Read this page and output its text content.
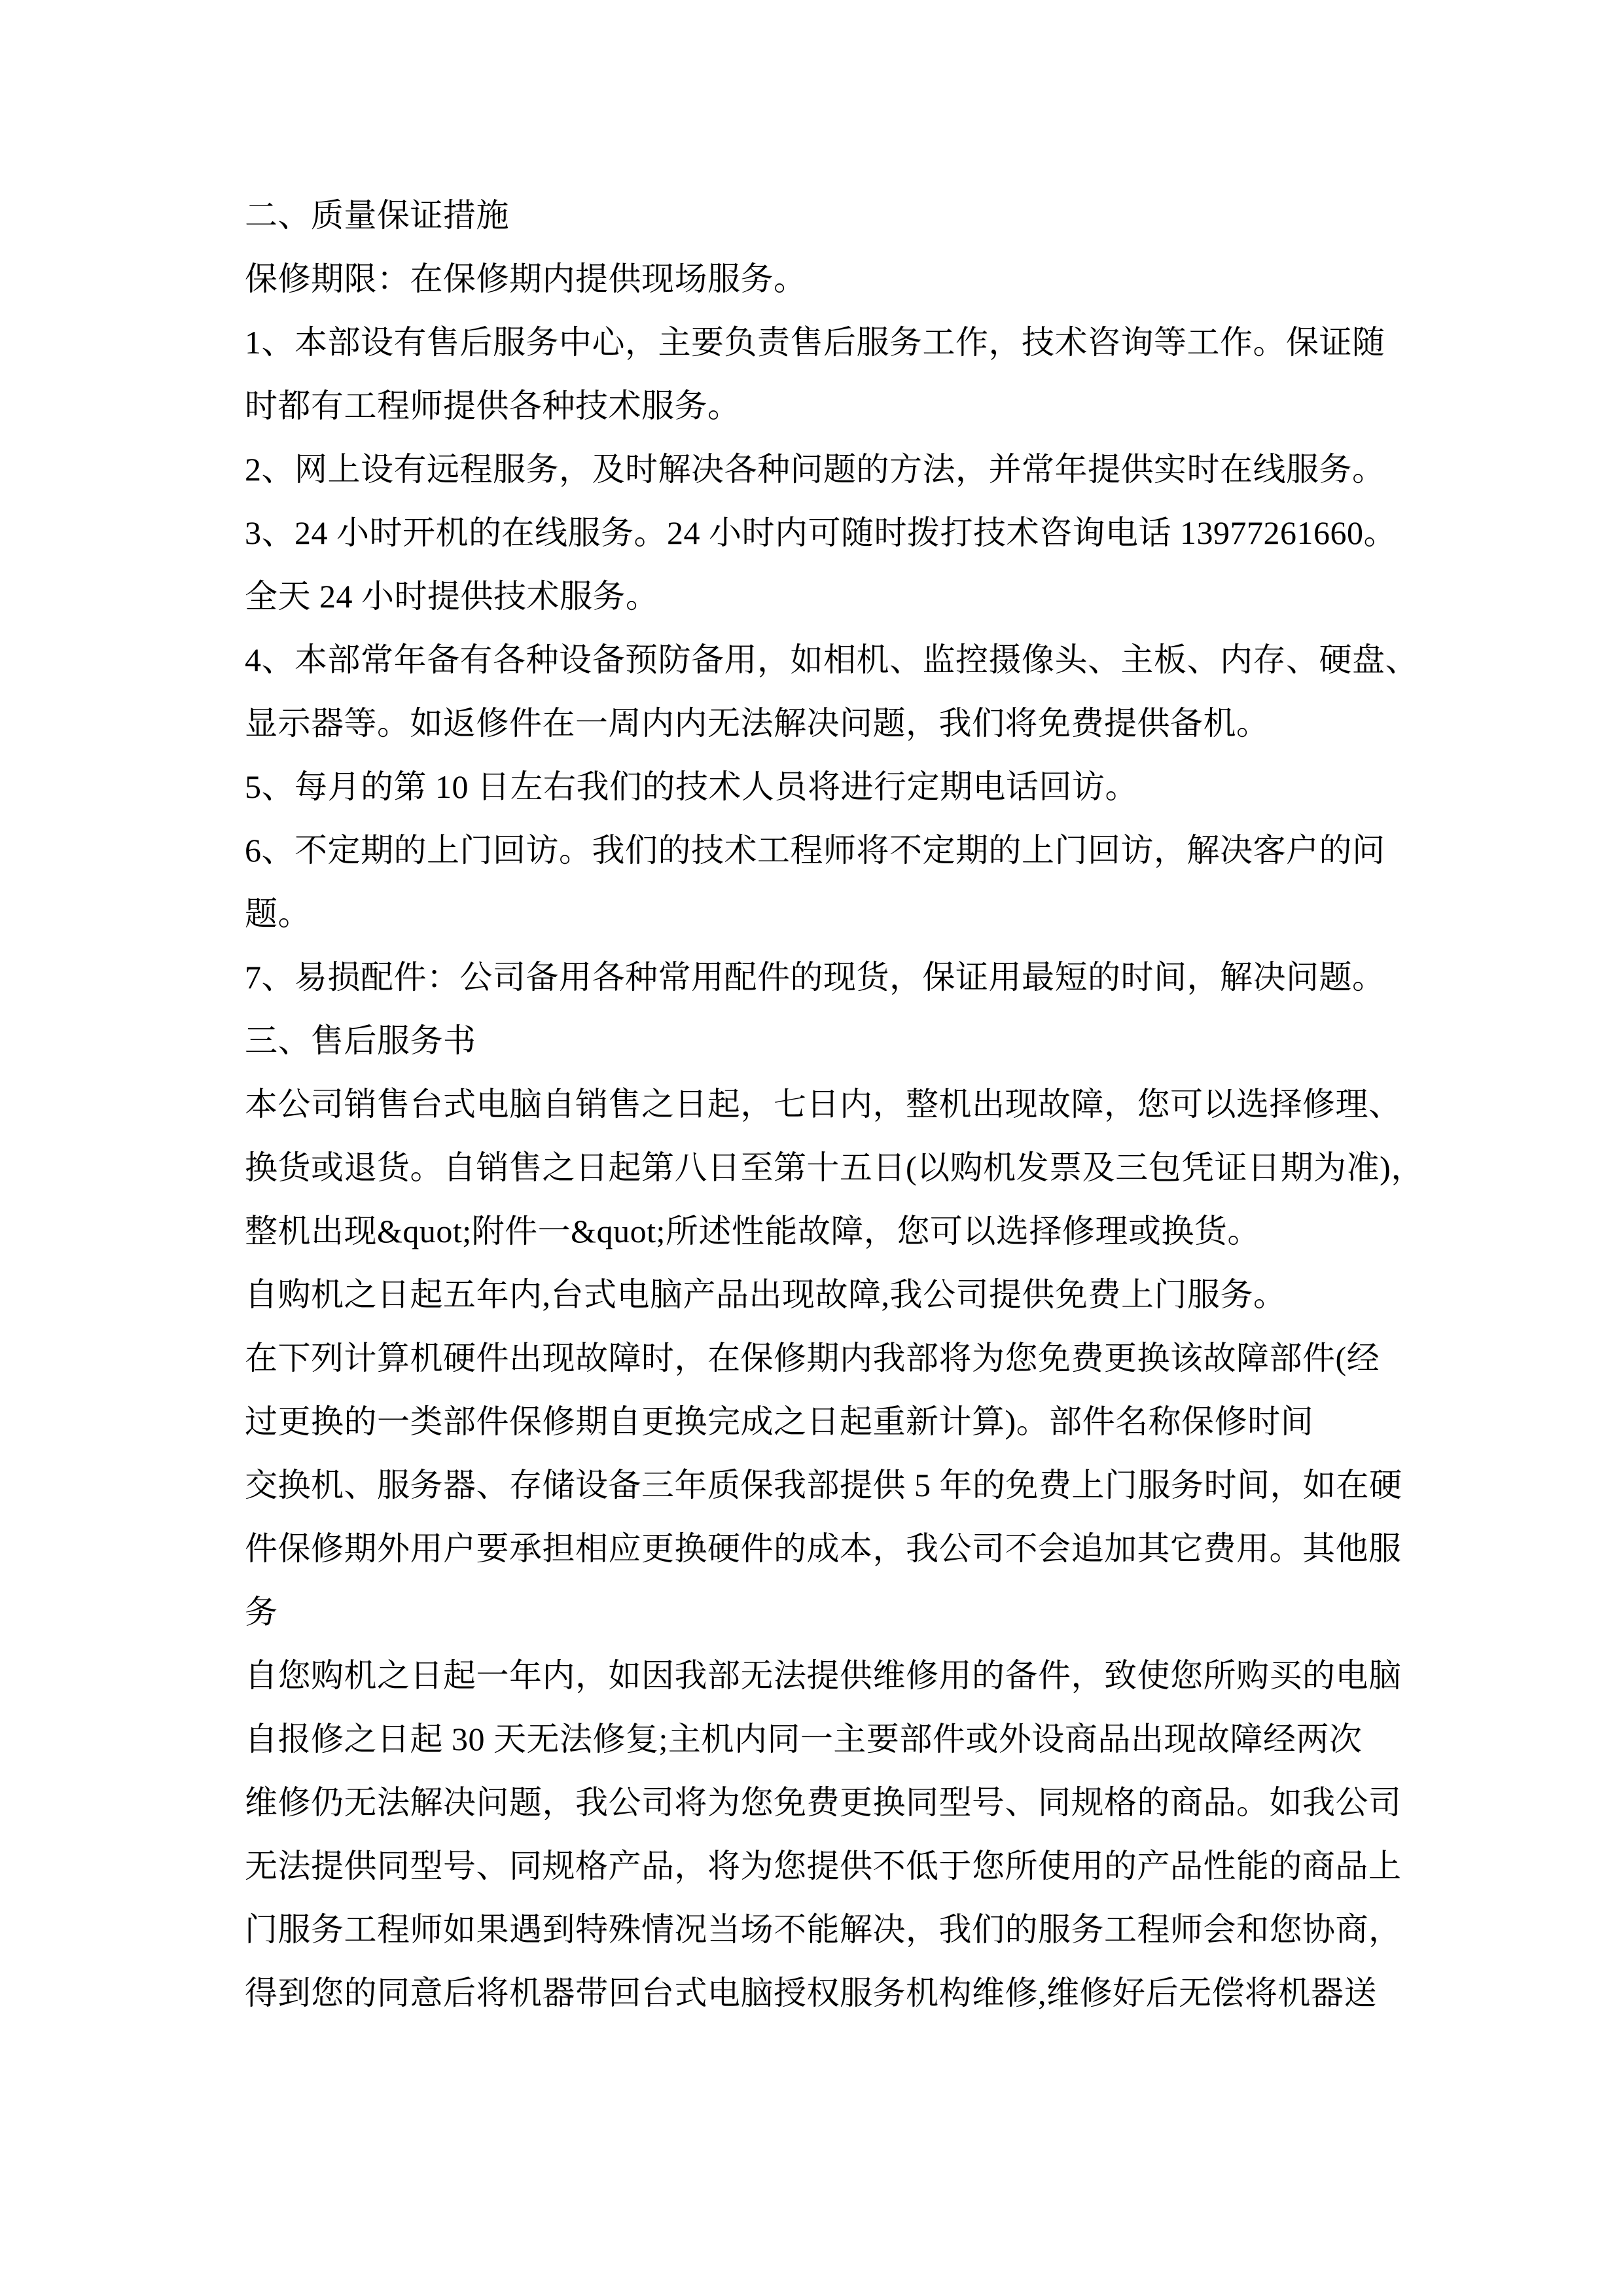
二、质量保证措施
保修期限：在保修期内提供现场服务。
1、本部设有售后服务中心，主要负责售后服务工作，技术咨询等工作。保证随
时都有工程师提供各种技术服务。
2、网上设有远程服务，及时解决各种问题的方法，并常年提供实时在线服务。
3、24 小时开机的在线服务。24 小时内可随时拨打技术咨询电话 13977261660。
全天 24 小时提供技术服务。
4、本部常年备有各种设备预防备用，如相机、监控摄像头、主板、内存、硬盘、
显示器等。如返修件在一周内内无法解决问题，我们将免费提供备机。
5、每月的第 10 日左右我们的技术人员将进行定期电话回访。
6、不定期的上门回访。我们的技术工程师将不定期的上门回访，解决客户的问
题。
7、易损配件：公司备用各种常用配件的现货，保证用最短的时间，解决问题。
三、售后服务书
本公司销售台式电脑自销售之日起，七日内，整机出现故障，您可以选择修理、
换货或退货。自销售之日起第八日至第十五日(以购机发票及三包凭证日期为准)，
整机出现&quot;附件一&quot;所述性能故障，您可以选择修理或换货。
自购机之日起五年内,台式电脑产品出现故障,我公司提供免费上门服务。
在下列计算机硬件出现故障时，在保修期内我部将为您免费更换该故障部件(经
过更换的一类部件保修期自更换完成之日起重新计算)。部件名称保修时间
交换机、服务器、存储设备三年质保我部提供 5 年的免费上门服务时间，如在硬
件保修期外用户要承担相应更换硬件的成本，我公司不会追加其它费用。其他服
务
自您购机之日起一年内，如因我部无法提供维修用的备件，致使您所购买的电脑
自报修之日起 30 天无法修复;主机内同一主要部件或外设商品出现故障经两次
维修仍无法解决问题，我公司将为您免费更换同型号、同规格的商品。如我公司
无法提供同型号、同规格产品，将为您提供不低于您所使用的产品性能的商品上
门服务工程师如果遇到特殊情况当场不能解决，我们的服务工程师会和您协商，
得到您的同意后将机器带回台式电脑授权服务机构维修,维修好后无偿将机器送
